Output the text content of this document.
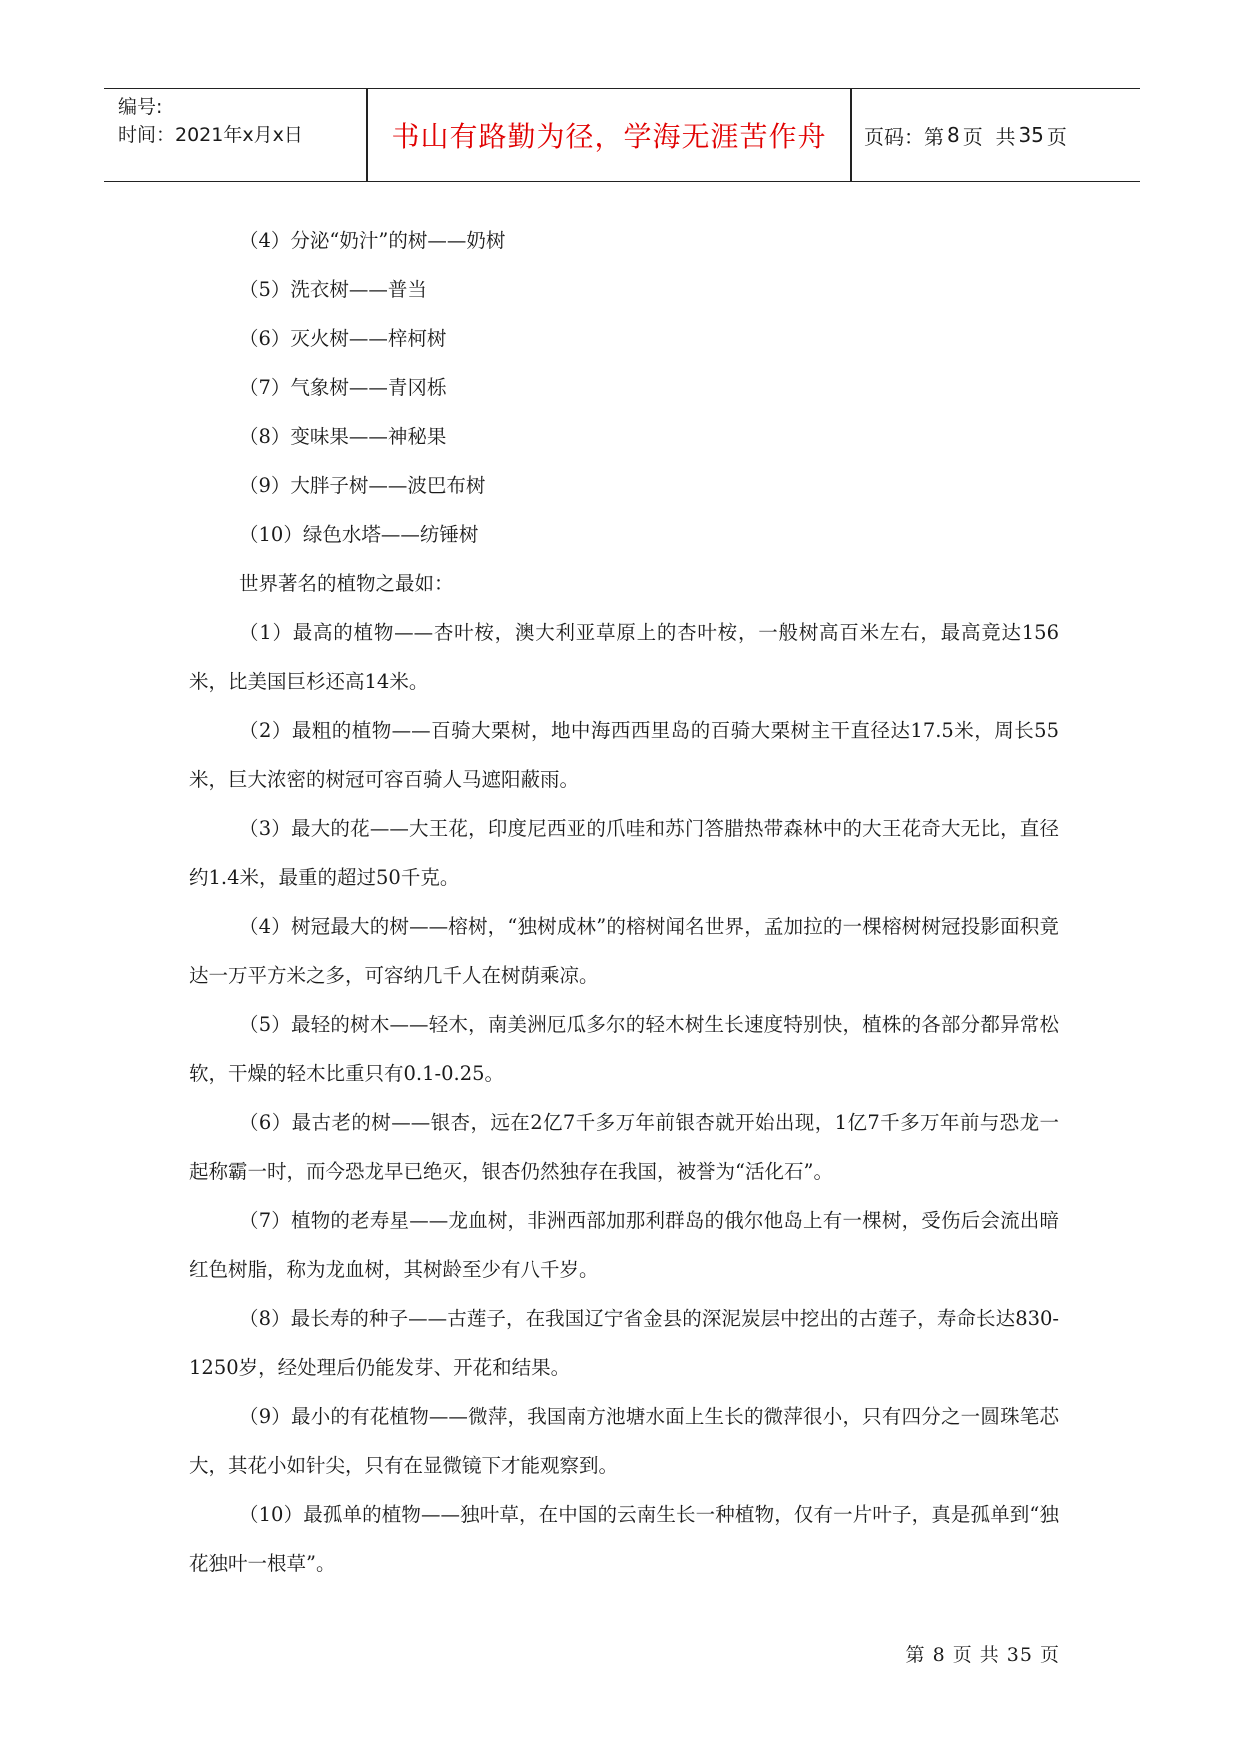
编号:
时间：2021年x月x日	书山有路勤为径，学海无涯苦作舟	页码：第 8 页  共 35 页
（4）分泌“奶汁”的树——奶树
（5）洗衣树——普当
（6）灭火树——梓柯树
（7）气象树——青冈栎
（8）变味果——神秘果
（9）大胖子树——波巴布树
（10）绿色水塔——纺锤树
世界著名的植物之最如：

（1）最高的植物——杏叶桉，澳大利亚草原上的杏叶桉，一般树高百米左右，最高竟达156米，比美国巨杉还高14米。

（2）最粗的植物——百骑大栗树，地中海西西里岛的百骑大栗树主干直径达17.5米，周长55米，巨大浓密的树冠可容百骑人马遮阳蔽雨。

（3）最大的花——大王花，印度尼西亚的爪哇和苏门答腊热带森林中的大王花奇大无比，直径约1.4米，最重的超过50千克。

（4）树冠最大的树——榕树，“独树成林”的榕树闻名世界，孟加拉的一棵榕树树冠投影面积竟达一万平方米之多，可容纳几千人在树荫乘凉。

（5）最轻的树木——轻木，南美洲厄瓜多尔的轻木树生长速度特别快，植株的各部分都异常松软，干燥的轻木比重只有0.1-0.25。

（6）最古老的树——银杏，远在2亿7千多万年前银杏就开始出现，1亿7千多万年前与恐龙一起称霸一时，而今恐龙早已绝灭，银杏仍然独存在我国，被誉为“活化石”。

（7）植物的老寿星——龙血树，非洲西部加那利群岛的俄尔他岛上有一棵树，受伤后会流出暗红色树脂，称为龙血树，其树龄至少有八千岁。

（8）最长寿的种子——古莲子，在我国辽宁省金县的深泥炭层中挖出的古莲子，寿命长达830-1250岁，经处理后仍能发芽、开花和结果。

（9）最小的有花植物——微萍，我国南方池塘水面上生长的微萍很小，只有四分之一圆珠笔芯大，其花小如针尖，只有在显微镜下才能观察到。

（10）最孤单的植物——独叶草，在中国的云南生长一种植物，仅有一片叶子，真是孤单到“独花独叶一根草”。

第 8 页 共 35 页
